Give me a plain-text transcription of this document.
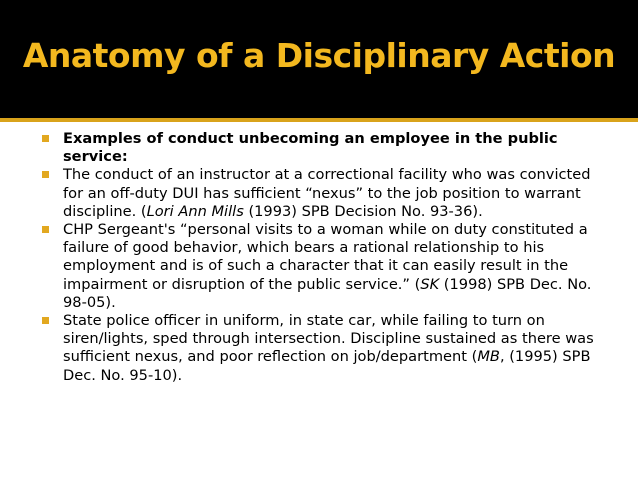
Anatomy of a Disciplinary Action
Examples of conduct unbecoming an employee in the public service:
The conduct of an instructor at a correctional facility who was convicted for an off-duty DUI has sufficient “nexus” to the job position to warrant discipline. (Lori Ann Mills (1993) SPB Decision No. 93-36).
CHP Sergeant's “personal visits to a woman while on duty constituted a failure of good behavior, which bears a rational relationship to his employment and is of such a character that it can easily result in the impairment or disruption of the public service.” (SK (1998) SPB Dec. No. 98-05).
State police officer in uniform, in state car, while failing to turn on siren/lights, sped through intersection. Discipline sustained as there was sufficient nexus, and poor reflection on job/department (MB, (1995) SPB Dec. No. 95-10).
